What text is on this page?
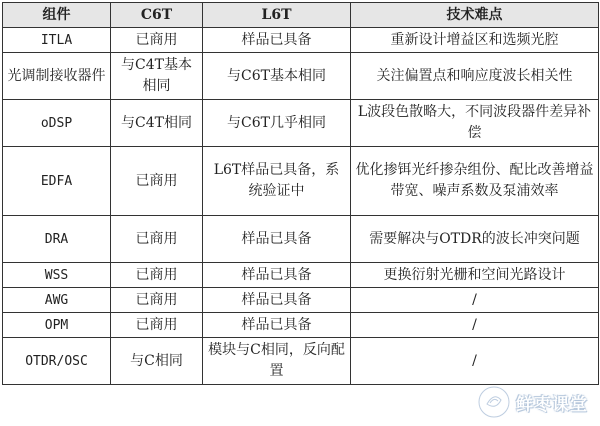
组件	C6T	L6T	技术难点
ITLA	已商用	样品已具备	重新设计增益区和选频光腔
光调制接收器件	与C4T基本相同	与C6T基本相同	关注偏置点和响应度波长相关性
oDSP	与C4T相同	与C6T几乎相同	L波段色散略大，不同波段器件差异补偿
EDFA	已商用	L6T样品已具备，系统验证中	优化掺铒光纤掺杂组份、配比改善增益带宽、噪声系数及泵浦效率
DRA	已商用	样品已具备	需要解决与OTDR的波长冲突问题
WSS	已商用	样品已具备	更换衍射光栅和空间光路设计
AWG	已商用	样品已具备	/
OPM	已商用	样品已具备	/
OTDR/OSC	与C相同	模块与C相同，反向配置	/
鲜枣课堂
